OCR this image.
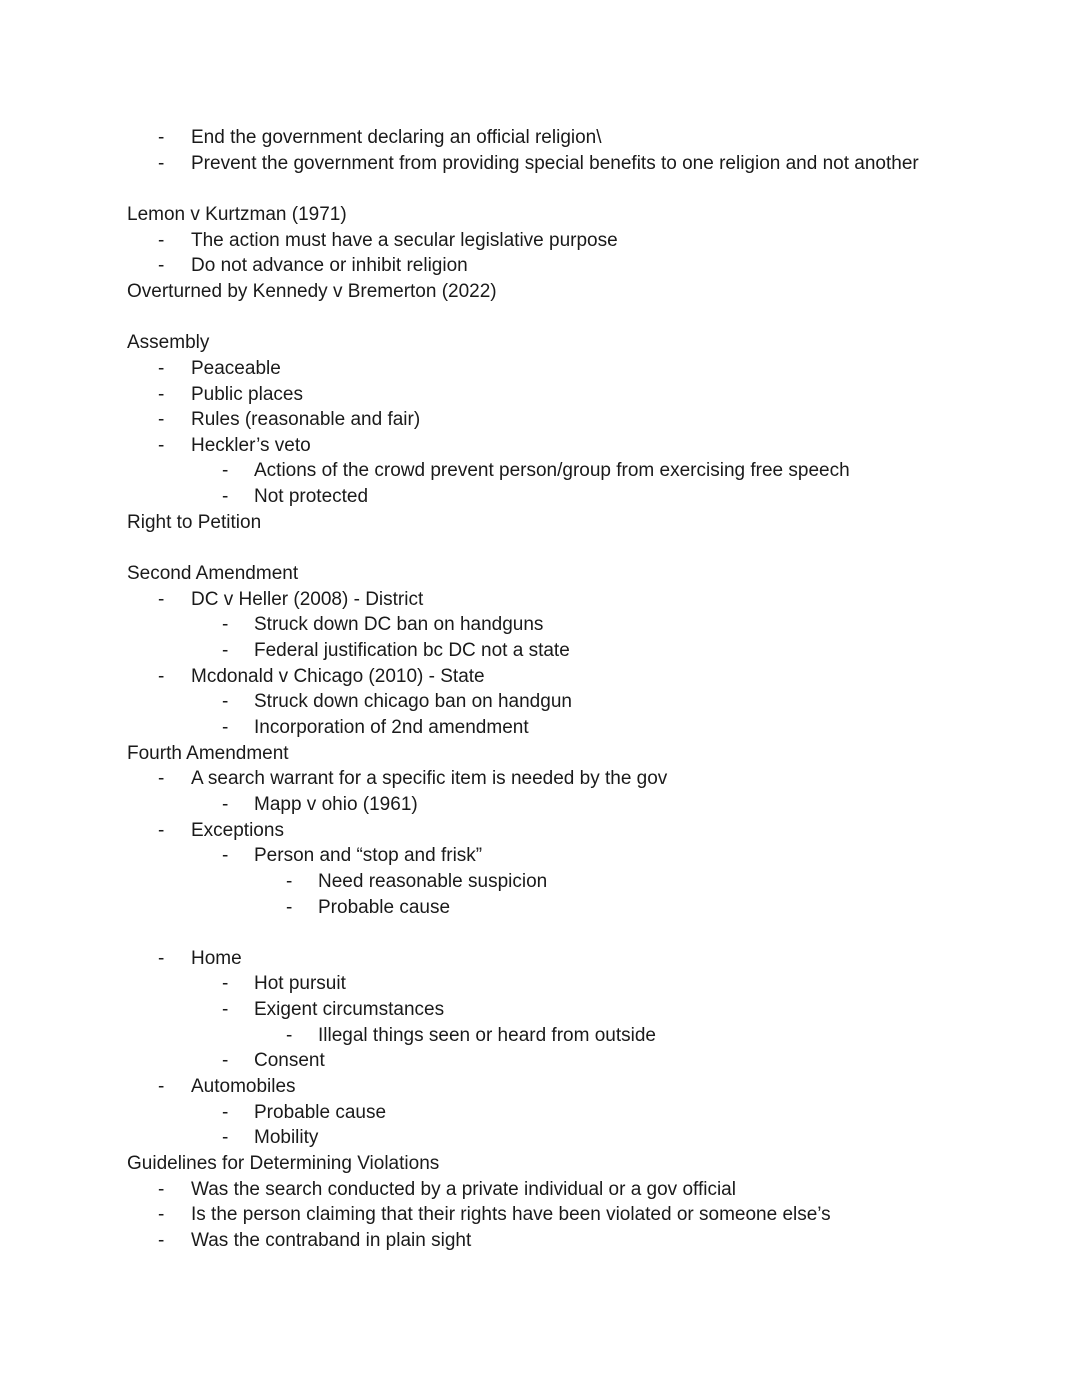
- End the government declaring an official religion\
- Prevent the government from providing special benefits to one religion and not another
Lemon v Kurtzman (1971)
- The action must have a secular legislative purpose
- Do not advance or inhibit religion
Overturned by Kennedy v Bremerton (2022)
Assembly
- Peaceable
- Public places
- Rules (reasonable and fair)
- Heckler’s veto
- Actions of the crowd prevent person/group from exercising free speech
- Not protected
Right to Petition
Second Amendment
- DC v Heller (2008) - District
- Struck down DC ban on handguns
- Federal justification bc DC not a state
- Mcdonald v Chicago (2010) - State
- Struck down chicago ban on handgun
- Incorporation of 2nd amendment
Fourth Amendment
- A search warrant for a specific item is needed by the gov
- Mapp v ohio (1961)
- Exceptions
- Person and “stop and frisk”
- Need reasonable suspicion
- Probable cause
- Home
- Hot pursuit
- Exigent circumstances
- Illegal things seen or heard from outside
- Consent
- Automobiles
- Probable cause
- Mobility
Guidelines for Determining Violations
- Was the search conducted by a private individual or a gov official
- Is the person claiming that their rights have been violated or someone else’s
- Was the contraband in plain sight
